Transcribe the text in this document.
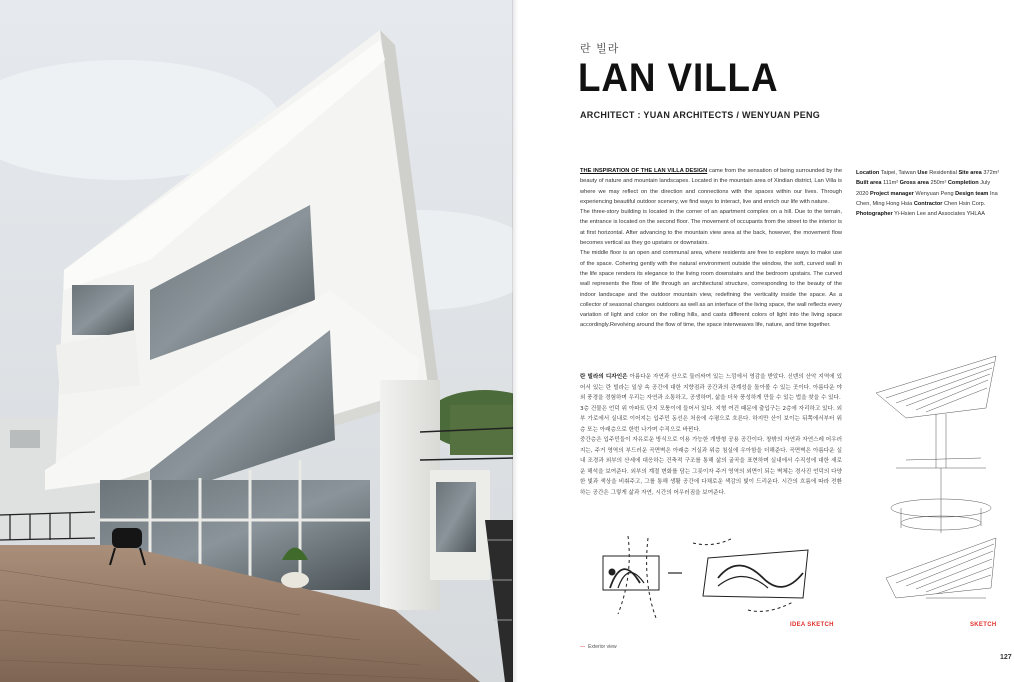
란 빌라
LAN VILLA
ARCHITECT : YUAN ARCHITECTS / WENYUAN PENG

THE INSPIRATION OF THE LAN VILLA DESIGN came from the sensation of being surrounded by the beauty of nature and mountain landscapes. Located in the mountain area of Xindian district, Lan Villa is where we may reflect on the direction and connections with the spaces within our lives. Through experiencing beautiful outdoor scenery, we find ways to interact, live and enrich our life with nature.

The three-story building is located in the corner of an apartment complex on a hill. Due to the terrain, the entrance is located on the second floor. The movement of occupants from the street to the interior is at first horizontal. After advancing to the mountain view area at the back, however, the movement flow becomes vertical as they go upstairs or downstairs.

The middle floor is an open and communal area, where residents are free to explore ways to make use of the space. Cohering gently with the natural environment outside the window, the soft, curved wall in the life space renders its elegance to the living room downstairs and the bedroom upstairs. The curved wall represents the flow of life through an architectural structure, corresponding to the beauty of the indoor landscape and the outdoor mountain view, redefining the verticality inside the space. As a collector of seasonal changes outdoors as well as an interface of the living space, the wall reflects every variation of light and color on the rolling hills, and casts different colors of light into the living space accordingly.Revolving around the flow of time, the space interweaves life, nature, and time together.

란 빌라의 디자인은 아름다운 자연과 산으로 둘러싸여 있는 느낌에서 영감을 받았다. 신덴의 산악 지역에 있어서 있는 란 빌라는 일상 속 공간에 대한 지향점과 공간과의 관계성을 돌아볼 수 있는 곳이다. 아름다운 야외 풍경을 경험하며 우리는 자연과 소통하고, 공생하며, 삶을 더욱 풍성하게 만들 수 있는 법을 찾을 수 있다.

3층 건물은 언덕 위 아파트 단지 모퉁이에 들어서 있다. 지형 여건 때문에 출입구는 2층에 자리하고 있다. 외부 가로에서 실내로 이어지는 입주민 동선은 처음에 수평으로 흐른다. 하지만 산이 보이는 뒤쪽에서부터 위층 또는 아래층으로 한번 나가며 수직으로 바뀐다.

중간층은 입주민들이 자유로운 방식으로 이용 가능한 개방형 공용 공간이다. 창밖의 자연과 자연스레 어우러지는, 주거 영역의 부드러운 곡면벽은 아래층 거실과 위층 침실에 우아함을 더해준다. 곡면벽은 아름다운 실내 조경과 외부의 산세에 대응하는 건축적 구조를 통해 삶의 굴곡을 표현하며 실내에서 수직성에 대한 새로운 해석을 보여준다. 외부의 계절 변화를 담는 그릇이자 주거 영역의 외면이 되는 벽체는 경사진 언덕의 다양한 빛과 색상을 비춰주고, 그를 통해 생활 공간에 다채로운 색감의 빛이 드리운다. 시간의 흐름에 따라 전환하는 공간은 그렇게 삶과 자연, 시간의 어우러짐을 보여준다.

Location Taipei, Taiwan Use Residential Site area 372m² Built area 111m² Gross area 250m² Completion July 2020 Project manager Wenyuan Peng Design team Ina Chen, Ming Hong Hsia Contractor Chen Hsin Corp. Photographer Yi-Hsien Lee and Associates YHLAA
IDEA SKETCH	SKETCH
— Exterior view
127
